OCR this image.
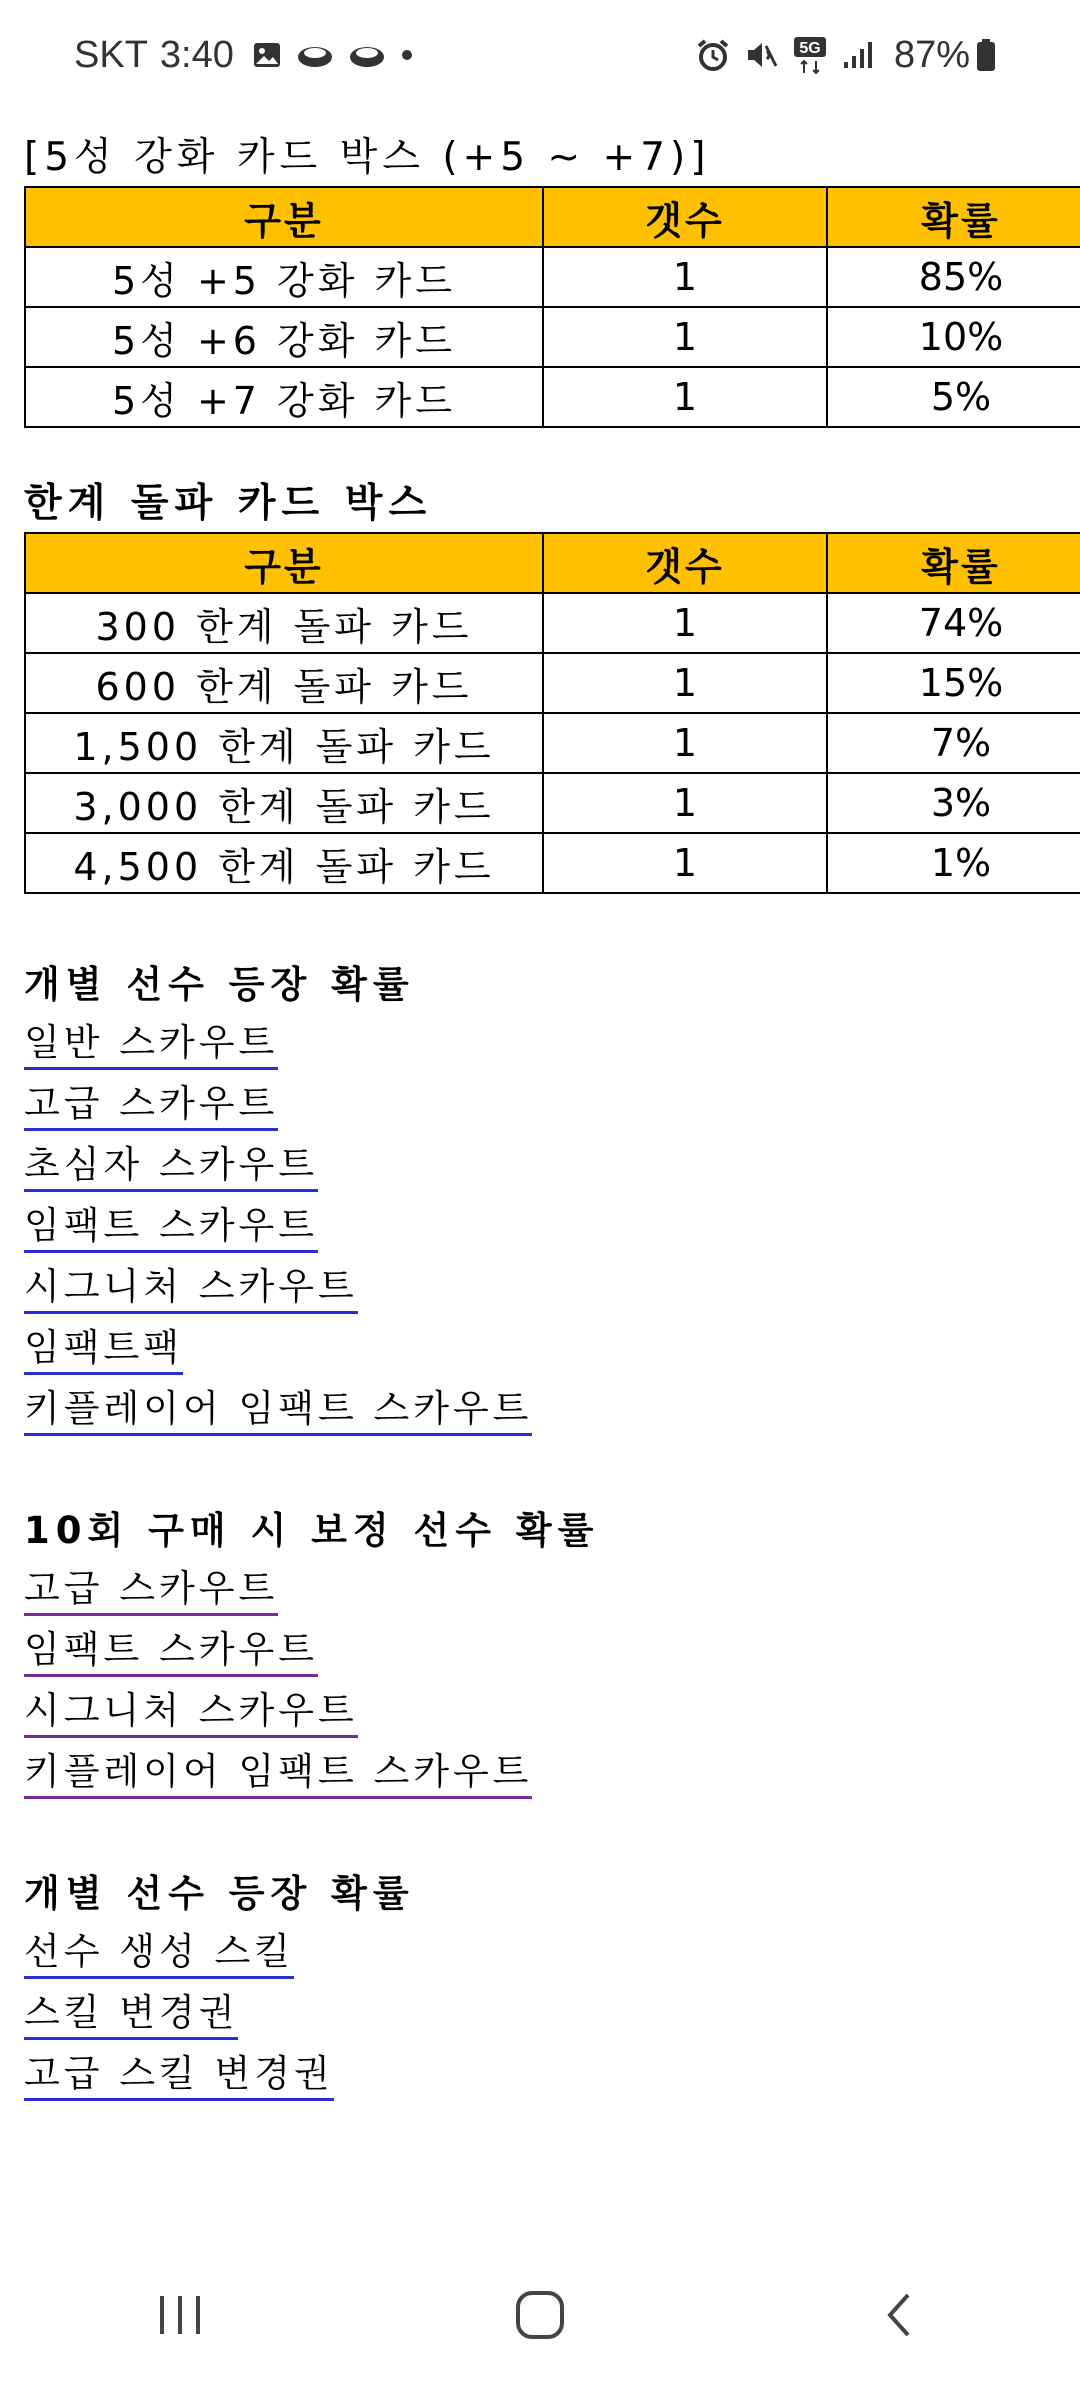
SKT 3:40	5G 87%
[5성 강화 카드 박스 (+5 ~ +7)]
구분	갯수	확률
5성 +5 강화 카드	1	85%
5성 +6 강화 카드	1	10%
5성 +7 강화 카드	1	5%
한계 돌파 카드 박스
구분	갯수	확률
300 한계 돌파 카드	1	74%
600 한계 돌파 카드	1	15%
1,500 한계 돌파 카드	1	7%
3,000 한계 돌파 카드	1	3%
4,500 한계 돌파 카드	1	1%
개별 선수 등장 확률
일반 스카우트
고급 스카우트
초심자 스카우트
임팩트 스카우트
시그니처 스카우트
임팩트팩
키플레이어 임팩트 스카우트
10회 구매 시 보정 선수 확률
고급 스카우트
임팩트 스카우트
시그니처 스카우트
키플레이어 임팩트 스카우트
개별 선수 등장 확률
선수 생성 스킬
스킬 변경권
고급 스킬 변경권
